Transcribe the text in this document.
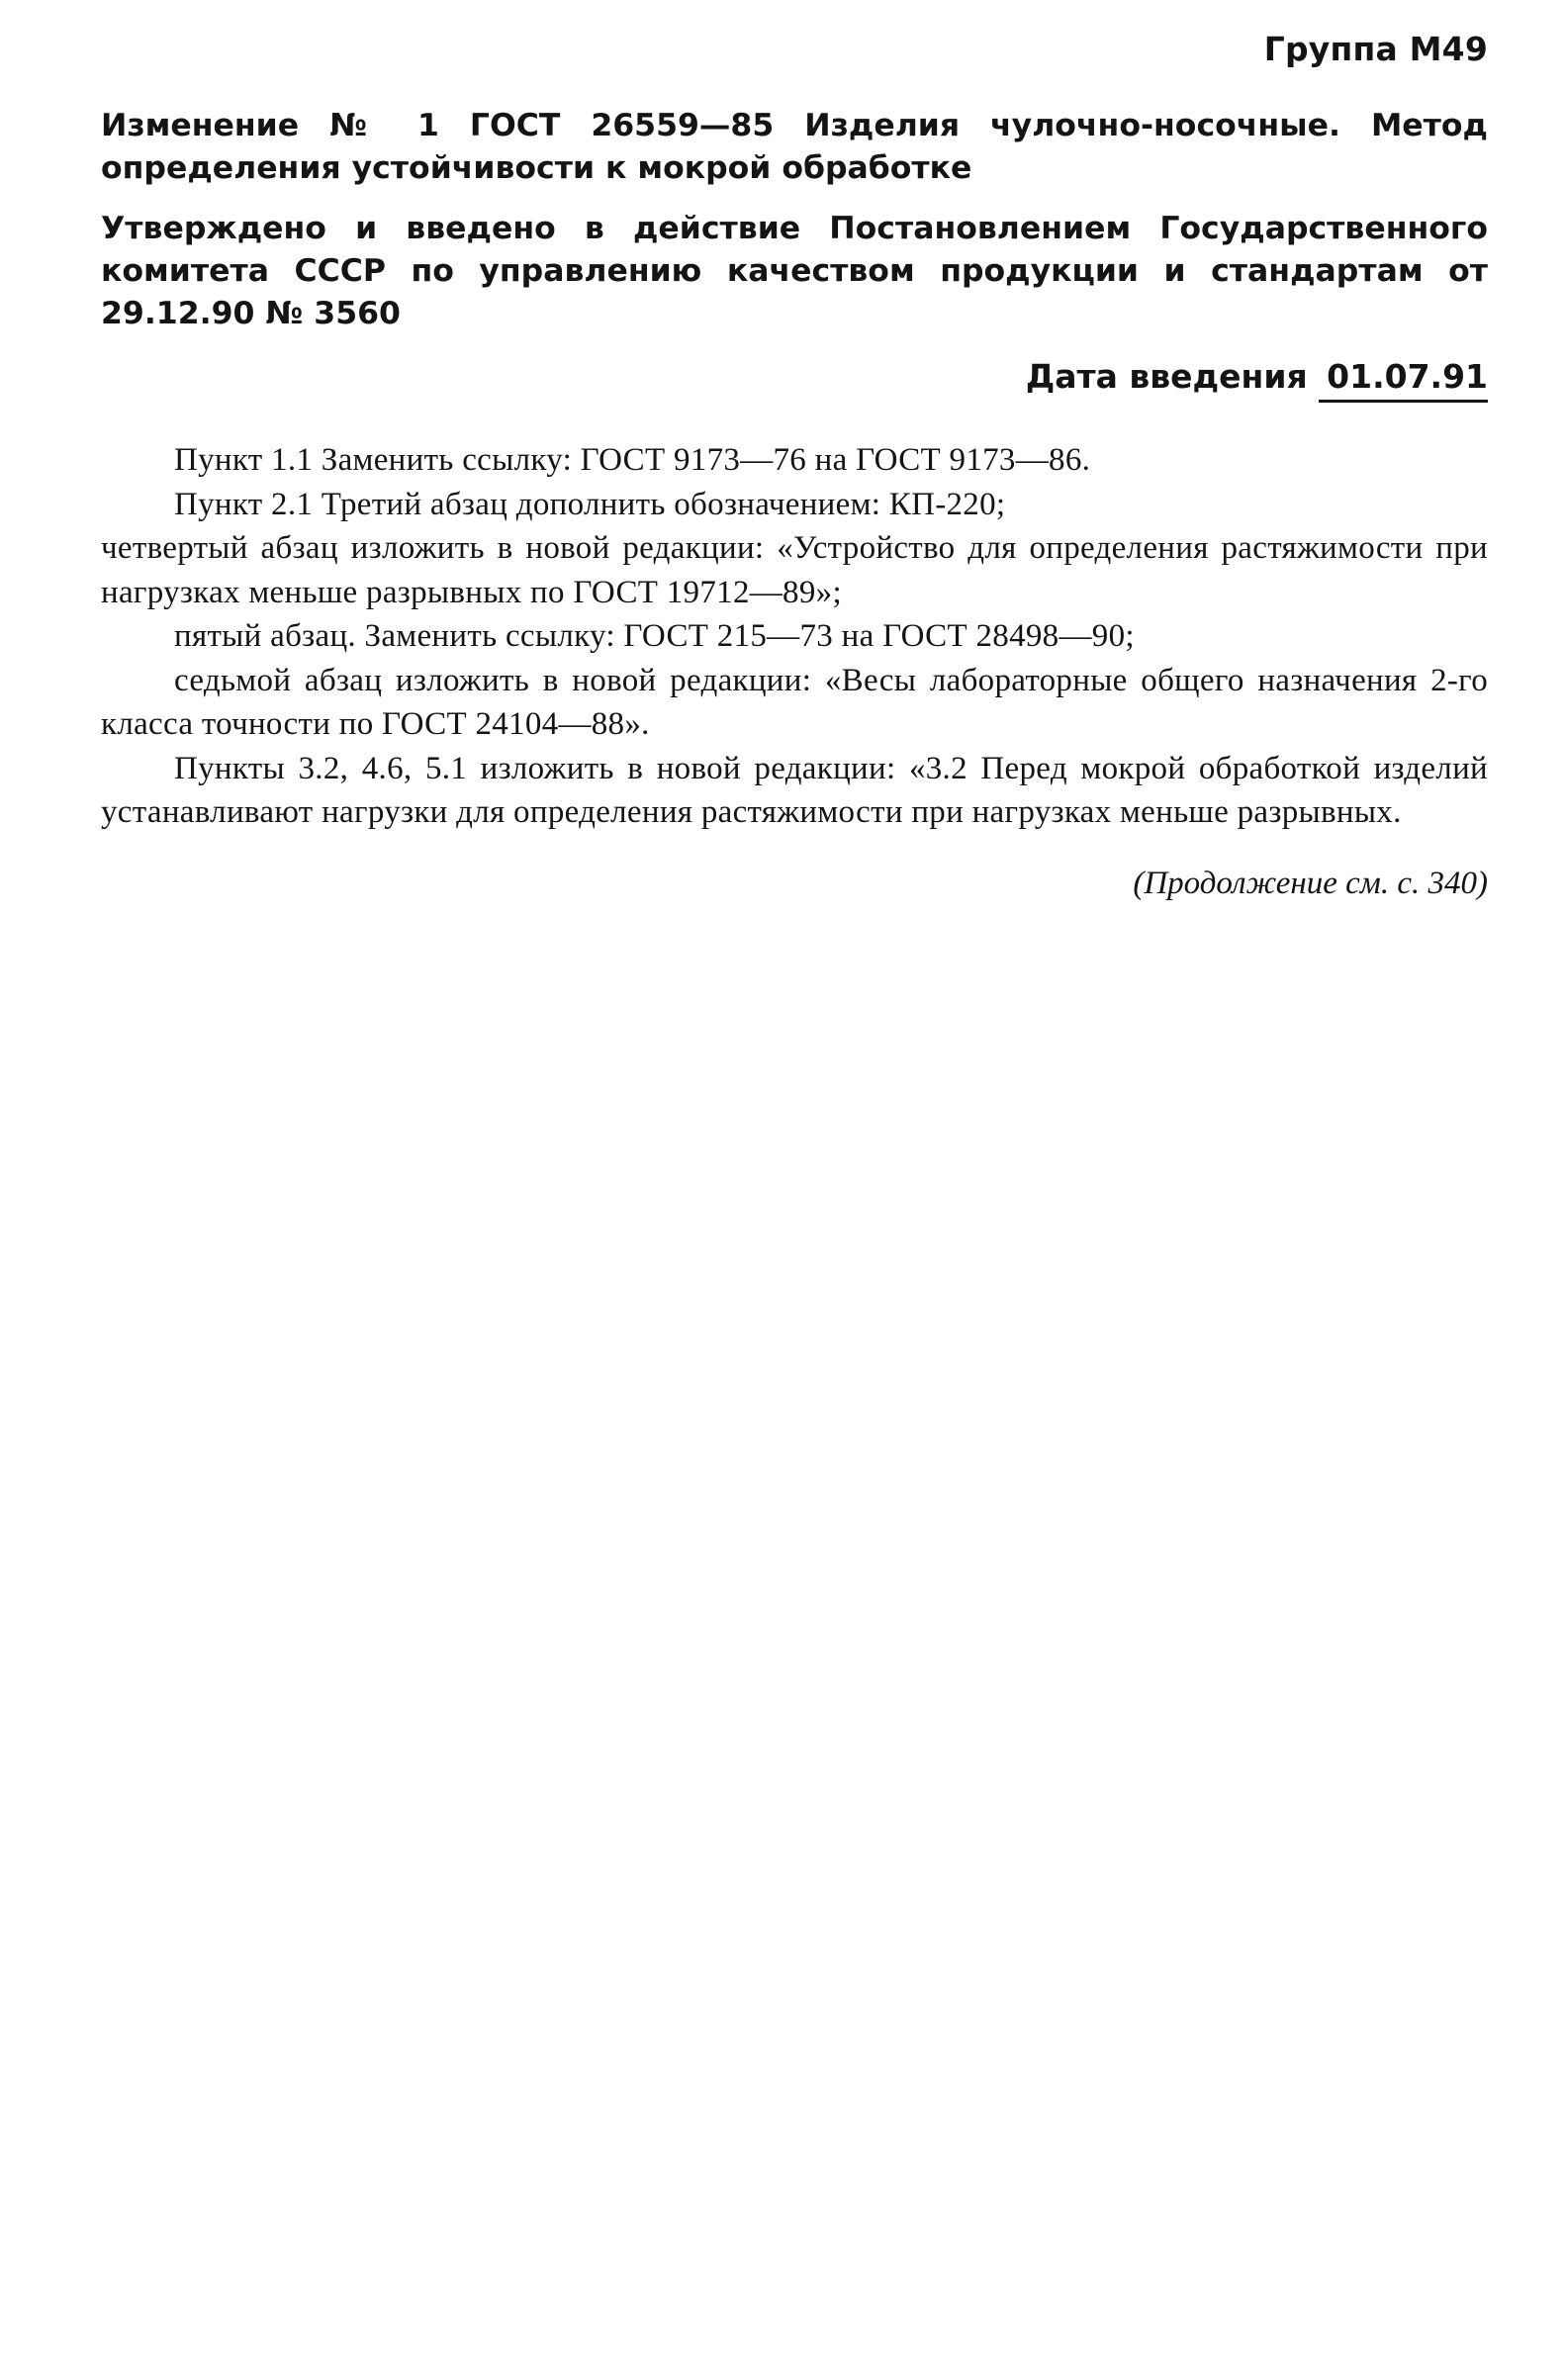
Группа М49
Изменение № 1 ГОСТ 26559—85 Изделия чулочно-носочные. Метод определения устойчивости к мокрой обработке
Утверждено и введено в действие Постановлением Государственного комитета СССР по управлению качеством продукции и стандартам от 29.12.90 № 3560
Дата введения 01.07.91

Пункт 1.1 Заменить ссылку: ГОСТ 9173—76 на ГОСТ 9173—86.

Пункт 2.1 Третий абзац дополнить обозначением: КП-220;

четвертый абзац изложить в новой редакции: «Устройство для определения растяжимости при нагрузках меньше разрывных по ГОСТ 19712—89»;

пятый абзац. Заменить ссылку: ГОСТ 215—73 на ГОСТ 28498—90;

седьмой абзац изложить в новой редакции: «Весы лабораторные общего назначения 2-го класса точности по ГОСТ 24104—88».

Пункты 3.2, 4.6, 5.1 изложить в новой редакции: «3.2 Перед мокрой обработкой изделий устанавливают нагрузки для определения растяжимости при нагрузках меньше разрывных.

(Продолжение см. с. 340)
